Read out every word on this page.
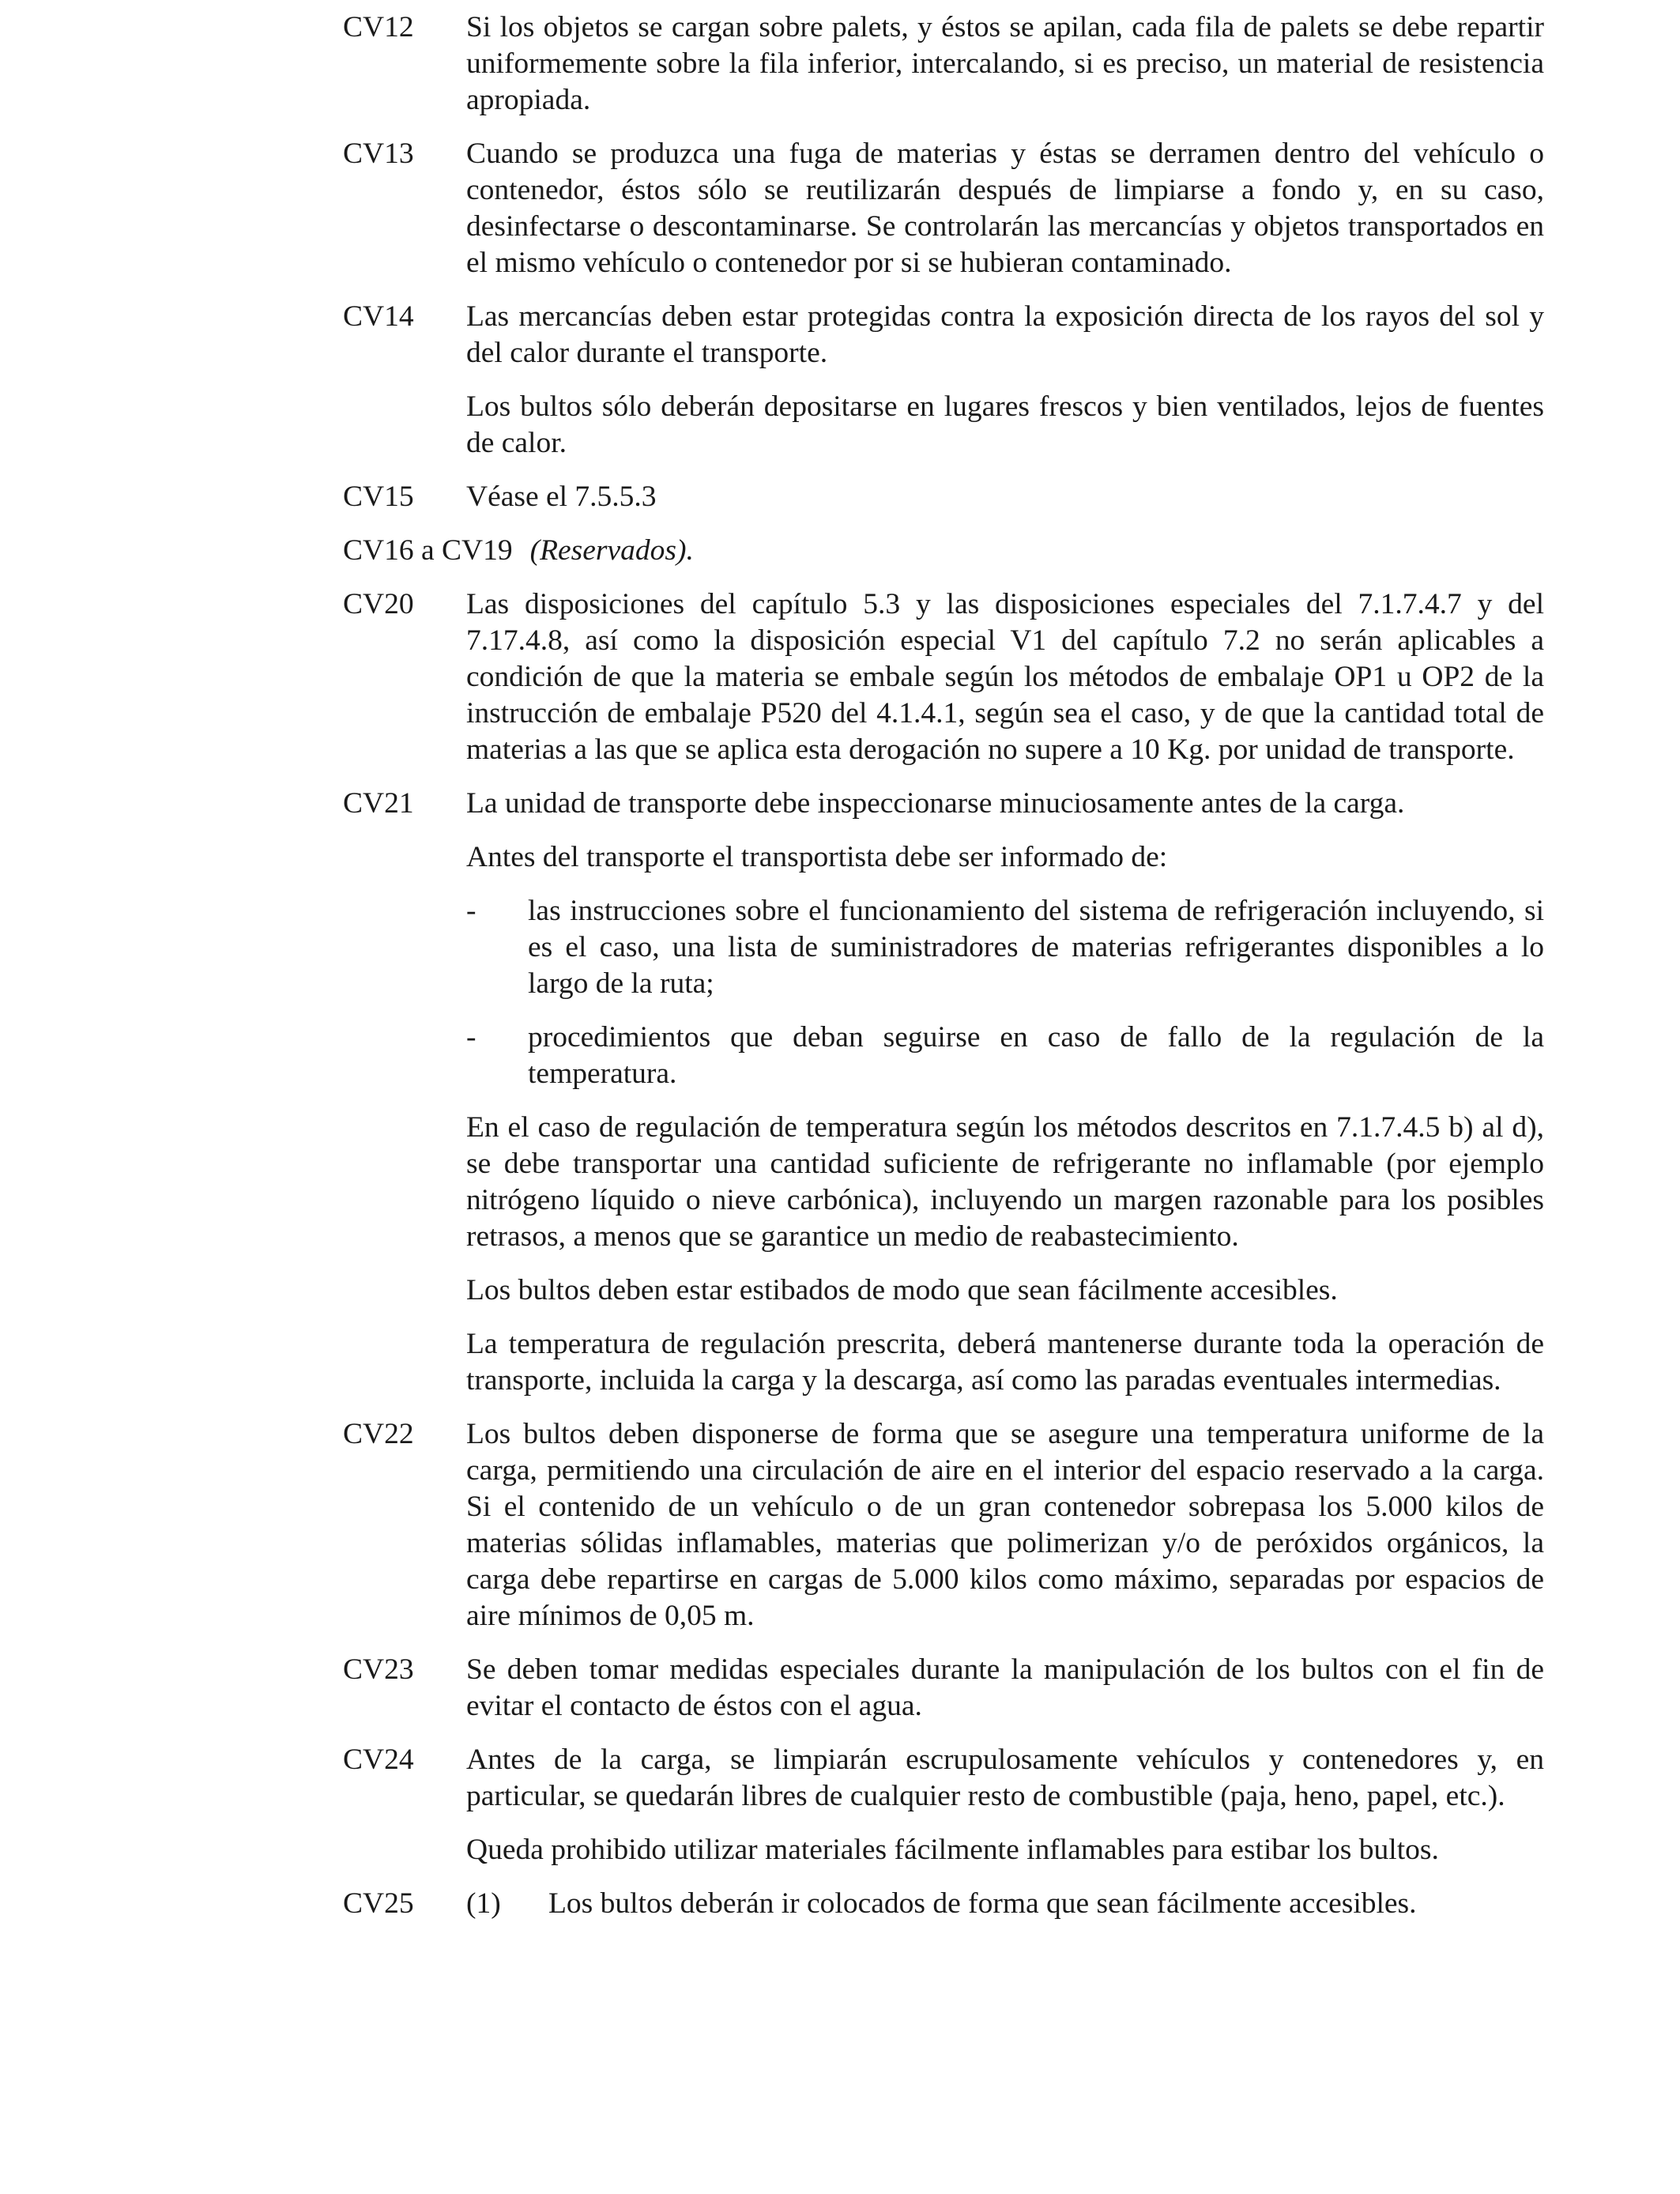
CV12	Si los objetos se cargan sobre palets, y éstos se apilan, cada fila de palets se debe repartir uniformemente sobre la fila inferior, intercalando, si es preciso, un material de resistencia apropiada.

CV13	Cuando se produzca una fuga de materias y éstas se derramen dentro del vehículo o contenedor, éstos sólo se reutilizarán después de limpiarse a fondo y, en su caso, desinfectarse o descontaminarse. Se controlarán las mercancías y objetos transportados en el mismo vehículo o contenedor por si se hubieran contaminado.

CV14	Las mercancías deben estar protegidas contra la exposición directa de los rayos del sol y del calor durante el transporte.

Los bultos sólo deberán depositarse en lugares frescos y bien ventilados, lejos de fuentes de calor.

CV15	Véase el 7.5.5.3

CV16 a CV19 (Reservados).
CV20	Las disposiciones del capítulo 5.3 y las disposiciones especiales del 7.1.7.4.7 y del 7.17.4.8, así como la disposición especial V1 del capítulo 7.2 no serán aplicables a condición de que la materia se embale según los métodos de embalaje OP1 u OP2 de la instrucción de embalaje P520 del 4.1.4.1, según sea el caso, y de que la cantidad total de materias a las que se aplica esta derogación no supere a 10 Kg. por unidad de transporte.

CV21	La unidad de transporte debe inspeccionarse minuciosamente antes de la carga.

Antes del transporte el transportista debe ser informado de:

-	las instrucciones sobre el funcionamiento del sistema de refrigeración incluyendo, si es el caso, una lista de suministradores de materias refrigerantes disponibles a lo largo de la ruta;
-	procedimientos que deban seguirse en caso de fallo de la regulación de la temperatura.

En el caso de regulación de temperatura según los métodos descritos en 7.1.7.4.5 b) al d), se debe transportar una cantidad suficiente de refrigerante no inflamable (por ejemplo nitrógeno líquido o nieve carbónica), incluyendo un margen razonable para los posibles retrasos, a menos que se garantice un medio de reabastecimiento.

Los bultos deben estar estibados de modo que sean fácilmente accesibles.

La temperatura de regulación prescrita, deberá mantenerse durante toda la operación de transporte, incluida la carga y la descarga, así como las paradas eventuales intermedias.

CV22	Los bultos deben disponerse de forma que se asegure una temperatura uniforme de la carga, permitiendo una circulación de aire en el interior del espacio reservado a la carga. Si el contenido de un vehículo o de un gran contenedor sobrepasa los 5.000 kilos de materias sólidas inflamables, materias que polimerizan y/o de peróxidos orgánicos, la carga debe repartirse en cargas de 5.000 kilos como máximo, separadas por espacios de aire mínimos de 0,05 m.

CV23	Se deben tomar medidas especiales durante la manipulación de los bultos con el fin de evitar el contacto de éstos con el agua.

CV24	Antes de la carga, se limpiarán escrupulosamente vehículos y contenedores y, en particular, se quedarán libres de cualquier resto de combustible (paja, heno, papel, etc.).

Queda prohibido utilizar materiales fácilmente inflamables para estibar los bultos.

CV25	(1)	Los bultos deberán ir colocados de forma que sean fácilmente accesibles.
